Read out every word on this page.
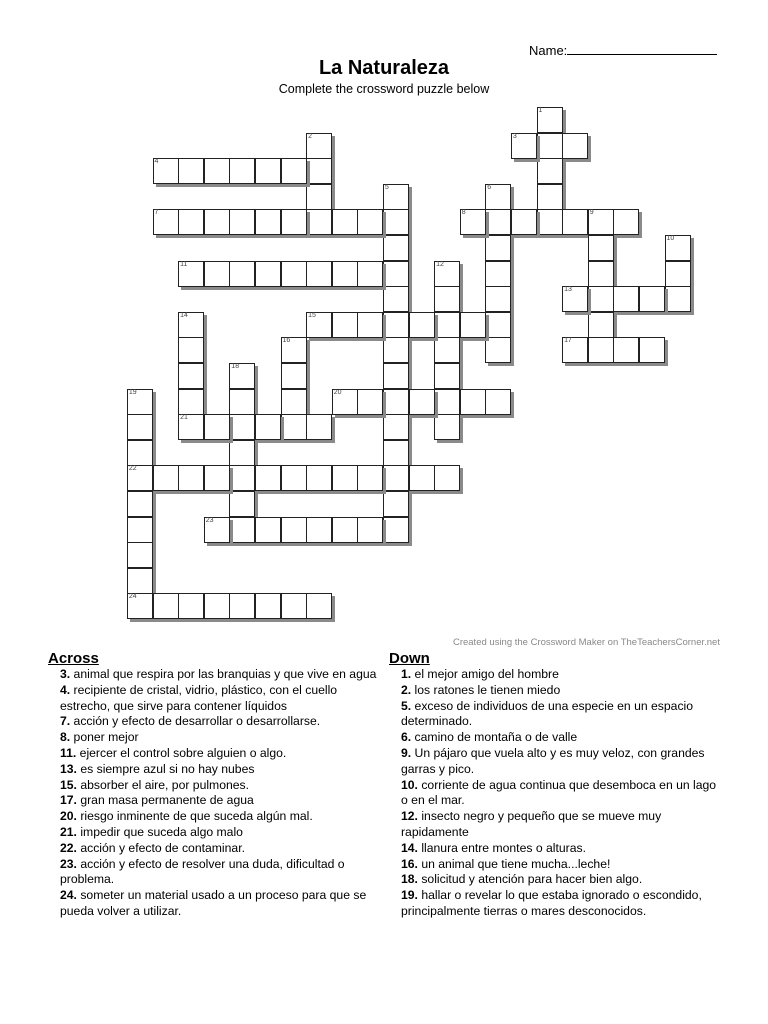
Name:
La Naturaleza
Complete the crossword puzzle below
1
2	3
4
5	6
7	8	9
10
11	12
13
14
21
15
16	17
18
19
22
24
20
23
Created using the Crossword Maker on TheTeachersCorner.net
Across
3. animal que respira por las branquias y que vive en agua
4. recipiente de cristal, vidrio, plástico, con el cuello estrecho, que sirve para contener líquidos
7. acción y efecto de desarrollar o desarrollarse.
8. poner mejor
11. ejercer el control sobre alguien o algo.
13. es siempre azul si no hay nubes
15. absorber el aire, por pulmones.
17. gran masa permanente de agua
20. riesgo inminente de que suceda algún mal.
21. impedir que suceda algo malo
22. acción y efecto de contaminar.
23. acción y efecto de resolver una duda, dificultad o problema.
24. someter un material usado a un proceso para que se pueda volver a utilizar.
Down
1. el mejor amigo del hombre
2. los ratones le tienen miedo
5. exceso de individuos de una especie en un espacio determinado.
6. camino de montaña o de valle
9. Un pájaro que vuela alto y es muy veloz, con grandes garras y pico.
10. corriente de agua continua que desemboca en un lago o en el mar.
12. insecto negro y pequeño que se mueve muy rapidamente
14. llanura entre montes o alturas.
16. un animal que tiene mucha...leche!
18. solicitud y atención para hacer bien algo.
19. hallar o revelar lo que estaba ignorado o escondido, principalmente tierras o mares desconocidos.
